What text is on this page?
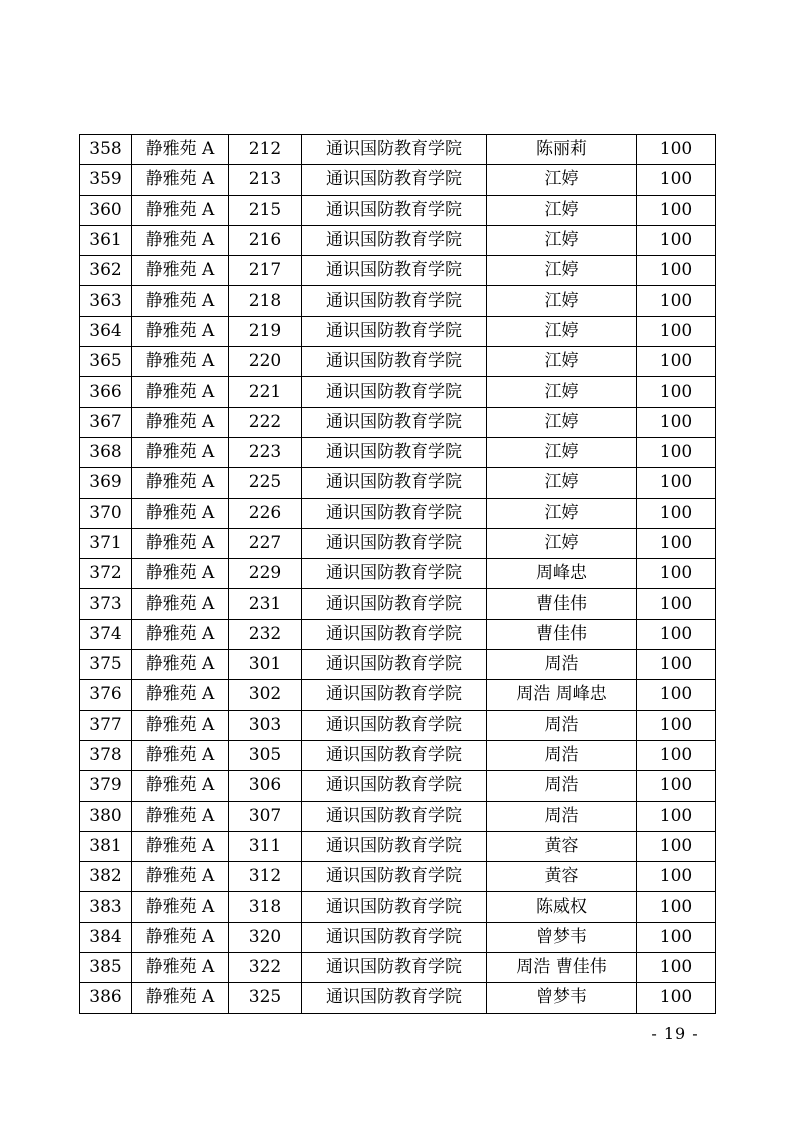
358	静雅苑 A	212	通识国防教育学院	陈丽莉	100
359	静雅苑 A	213	通识国防教育学院	江婷	100
360	静雅苑 A	215	通识国防教育学院	江婷	100
361	静雅苑 A	216	通识国防教育学院	江婷	100
362	静雅苑 A	217	通识国防教育学院	江婷	100
363	静雅苑 A	218	通识国防教育学院	江婷	100
364	静雅苑 A	219	通识国防教育学院	江婷	100
365	静雅苑 A	220	通识国防教育学院	江婷	100
366	静雅苑 A	221	通识国防教育学院	江婷	100
367	静雅苑 A	222	通识国防教育学院	江婷	100
368	静雅苑 A	223	通识国防教育学院	江婷	100
369	静雅苑 A	225	通识国防教育学院	江婷	100
370	静雅苑 A	226	通识国防教育学院	江婷	100
371	静雅苑 A	227	通识国防教育学院	江婷	100
372	静雅苑 A	229	通识国防教育学院	周峰忠	100
373	静雅苑 A	231	通识国防教育学院	曹佳伟	100
374	静雅苑 A	232	通识国防教育学院	曹佳伟	100
375	静雅苑 A	301	通识国防教育学院	周浩	100
376	静雅苑 A	302	通识国防教育学院	周浩 周峰忠	100
377	静雅苑 A	303	通识国防教育学院	周浩	100
378	静雅苑 A	305	通识国防教育学院	周浩	100
379	静雅苑 A	306	通识国防教育学院	周浩	100
380	静雅苑 A	307	通识国防教育学院	周浩	100
381	静雅苑 A	311	通识国防教育学院	黄容	100
382	静雅苑 A	312	通识国防教育学院	黄容	100
383	静雅苑 A	318	通识国防教育学院	陈威权	100
384	静雅苑 A	320	通识国防教育学院	曾梦韦	100
385	静雅苑 A	322	通识国防教育学院	周浩 曹佳伟	100
386	静雅苑 A	325	通识国防教育学院	曾梦韦	100
- 19 -
